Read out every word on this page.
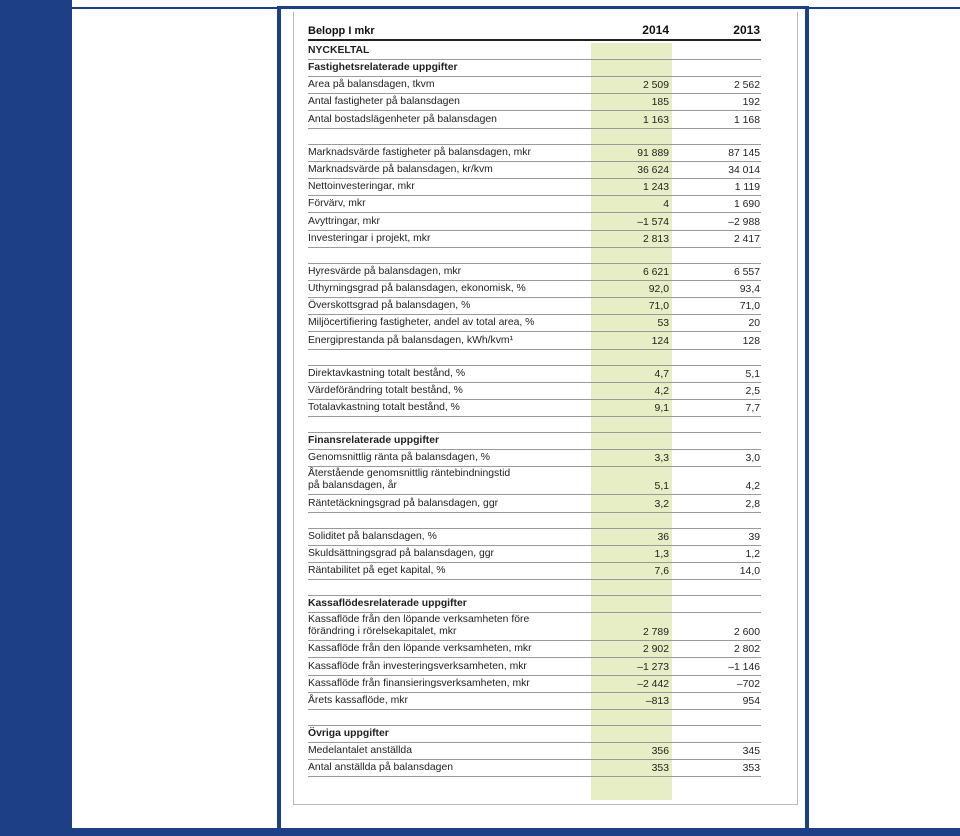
Belopp I mkr	2014	2013
NYCKELTAL
Fastighetsrelaterade uppgifter
Area på balansdagen, tkvm	2 509	2 562
Antal fastigheter på balansdagen	185	192
Antal bostadslägenheter på balansdagen	1 163	1 168
Marknadsvärde fastigheter på balansdagen, mkr	91 889	87 145
Marknadsvärde på balansdagen, kr/kvm	36 624	34 014
Nettoinvesteringar, mkr	1 243	1 119
Förvärv, mkr	4	1 690
Avyttringar, mkr	–1 574	–2 988
Investeringar i projekt, mkr	2 813	2 417
Hyresvärde på balansdagen, mkr	6 621	6 557
Uthyrningsgrad på balansdagen, ekonomisk, %	92,0	93,4
Överskottsgrad på balansdagen, %	71,0	71,0
Miljöcertifiering fastigheter, andel av total area, %	53	20
Energiprestanda på balansdagen, kWh/kvm¹	124	128
Direktavkastning totalt bestånd, %	4,7	5,1
Värdeförändring totalt bestånd, %	4,2	2,5
Totalavkastning totalt bestånd, %	9,1	7,7
Finansrelaterade uppgifter
Genomsnittlig ränta på balansdagen, %	3,3	3,0
Återstående genomsnittlig räntebindningstid
på balansdagen, år	5,1	4,2
Räntetäckningsgrad på balansdagen, ggr	3,2	2,8
Soliditet på balansdagen, %	36	39
Skuldsättningsgrad på balansdagen, ggr	1,3	1,2
Räntabilitet på eget kapital, %	7,6	14,0
Kassaflödesrelaterade uppgifter
Kassaflöde från den löpande verksamheten före
förändring i rörelsekapitalet, mkr	2 789	2 600
Kassaflöde från den löpande verksamheten, mkr	2 902	2 802
Kassaflöde från investeringsverksamheten, mkr	–1 273	–1 146
Kassaflöde från finansieringsverksamheten, mkr	–2 442	–702
Årets kassaflöde, mkr	–813	954
Övriga uppgifter
Medelantalet anställda	356	345
Antal anställda på balansdagen	353	353
